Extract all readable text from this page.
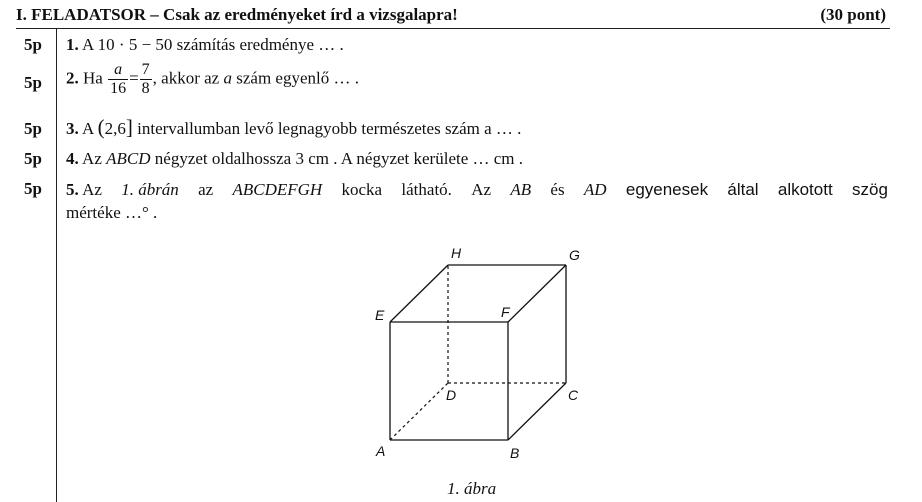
I. FELADATSOR – Csak az eredményeket írd a vizsgalapra!	(30 pont)
5p 1. A 10 · 5 − 50 számítás eredménye … .
5p 2. Ha $\frac{a}{16} = \frac{7}{8}$ , akkor az a szám egyenlő … .
5p 3. A (2,6] intervallumban levő legnagyobb természetes szám a … .
5p 4. Az ABCD négyzet oldalhossza 3 cm . A négyzet kerülete … cm .
5p 5. Az 1. ábrán az ABCDEFGH kocka látható. Az AB és AD egyenesek által alkotott szög
mértéke …° .
A	B
C
D
E	F
G
H
1. ábra
